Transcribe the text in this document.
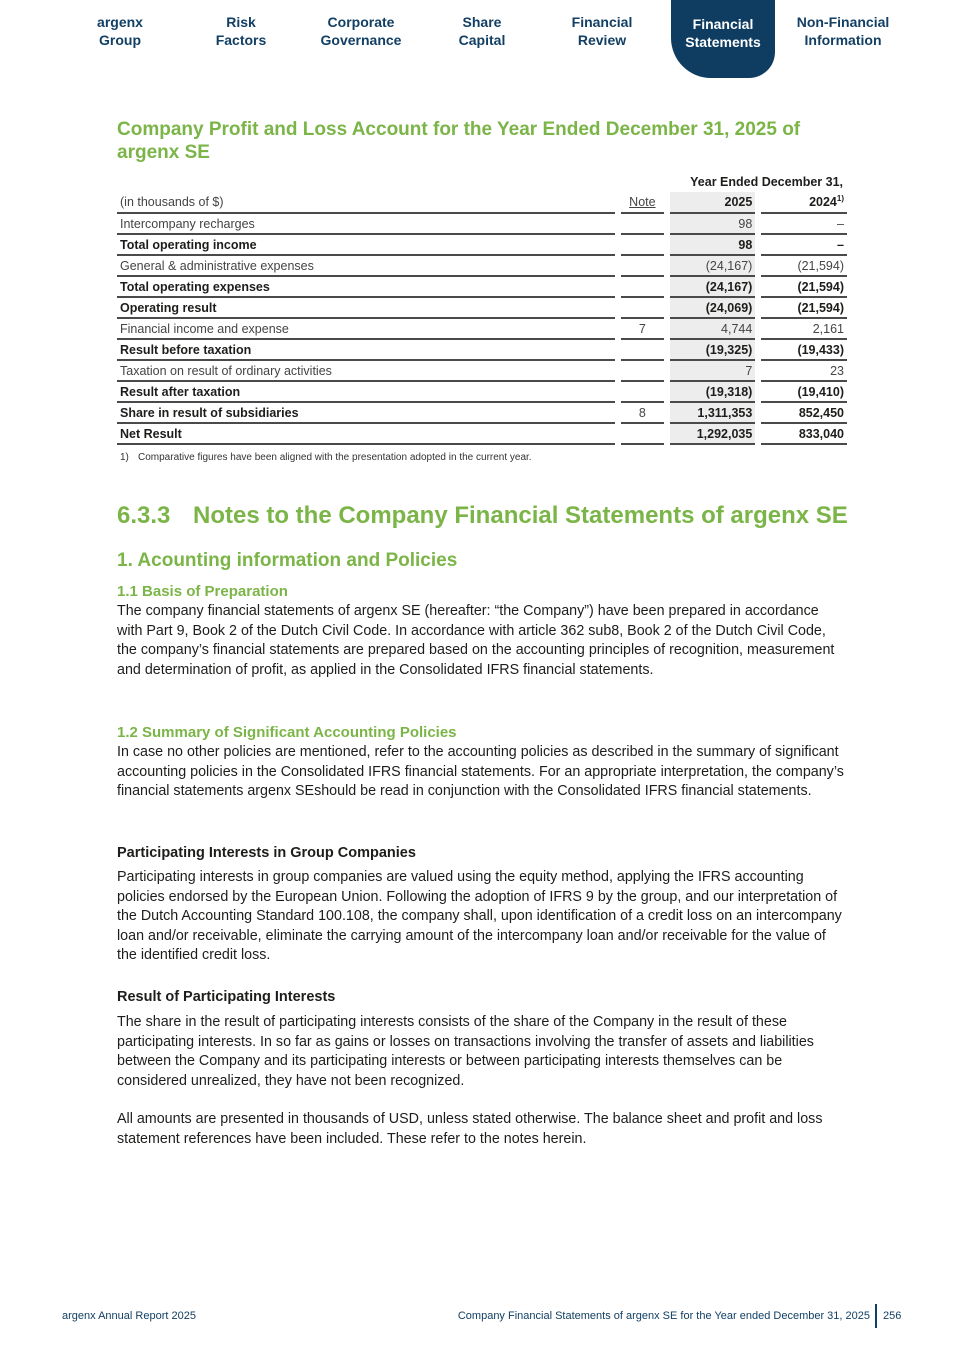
argenx
Group
Risk
Factors
Corporate
Governance
Share
Capital
Financial
Review
Financial
Statements
Non-Financial
Information
Company Profit and Loss Account for the Year Ended December 31, 2025 of argenx SE
				Year Ended December 31,		
(in thousands of $)		Note		2025		2024$^{1)}$
Intercompany recharges				98		–
Total operating income				98		–
General & administrative expenses				(24,167)		(21,594)
Total operating expenses				(24,167)		(21,594)
Operating result				(24,069)		(21,594)
Financial income and expense		7		4,744		2,161
Result before taxation				(19,325)		(19,433)
Taxation on result of ordinary activities				7		23
Result after taxation				(19,318)		(19,410)
Share in result of subsidiaries		8		1,311,353		852,450
Net Result				1,292,035		833,040

1) Comparative figures have been aligned with the presentation adopted in the current year.

6.3.3 Notes to the Company Financial Statements of argenx SE
1. Acounting information and Policies
1.1 Basis of Preparation

The company financial statements of argenx SE (hereafter: “the Company”) have been prepared in accordance with Part 9, Book 2 of the Dutch Civil Code. In accordance with article 362 sub8, Book 2 of the Dutch Civil Code, the company’s financial statements are prepared based on the accounting principles of recognition, measurement and determination of profit, as applied in the Consolidated IFRS financial statements.

1.2 Summary of Significant Accounting Policies

In case no other policies are mentioned, refer to the accounting policies as described in the summary of significant accounting policies in the Consolidated IFRS financial statements. For an appropriate interpretation, the company’s financial statements argenx SEshould be read in conjunction with the Consolidated IFRS financial statements.

Participating Interests in Group Companies

Participating interests in group companies are valued using the equity method, applying the IFRS accounting policies endorsed by the European Union. Following the adoption of IFRS 9 by the group, and our interpretation of the Dutch Accounting Standard 100.108, the company shall, upon identification of a credit loss on an intercompany loan and/or receivable, eliminate the carrying amount of the intercompany loan and/or receivable for the value of the identified credit loss.

Result of Participating Interests

The share in the result of participating interests consists of the share of the Company in the result of these participating interests. In so far as gains or losses on transactions involving the transfer of assets and liabilities between the Company and its participating interests or between participating interests themselves can be considered unrealized, they have not been recognized.

All amounts are presented in thousands of USD, unless stated otherwise. The balance sheet and profit and loss statement references have been included. These refer to the notes herein.

argenx Annual Report 2025	Company Financial Statements of argenx SE for the Year ended December 31, 2025 256
